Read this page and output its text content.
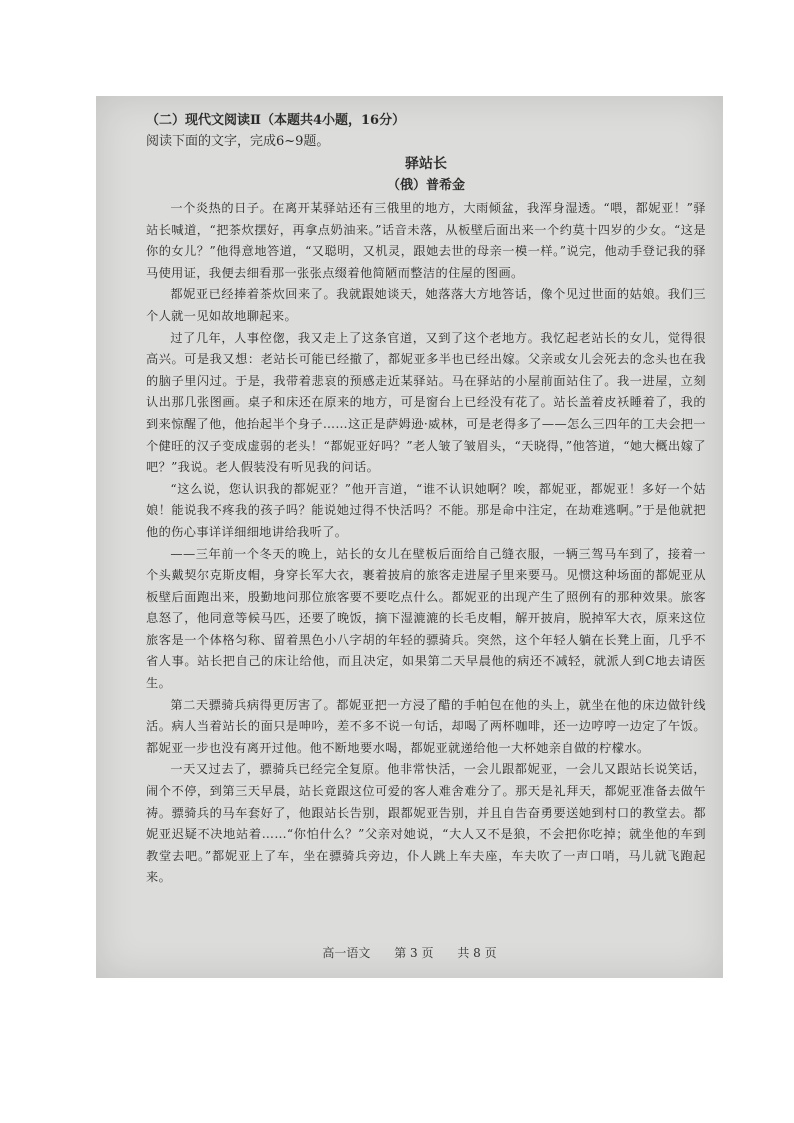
（二）现代文阅读Ⅱ（本题共4小题，16分）

阅读下面的文字，完成6~9题。

驿站长

（俄）普希金

一个炎热的日子。在离开某驿站还有三俄里的地方，大雨倾盆，我浑身湿透。“喂，都妮亚！”驿站长喊道，“把茶炊摆好，再拿点奶油来。”话音未落，从板壁后面出来一个约莫十四岁的少女。“这是你的女儿？”他得意地答道，“又聪明，又机灵，跟她去世的母亲一模一样。”说完，他动手登记我的驿马使用证，我便去细看那一张张点缀着他简陋而整洁的住屋的图画。

都妮亚已经捧着茶炊回来了。我就跟她谈天，她落落大方地答话，像个见过世面的姑娘。我们三个人就一见如故地聊起来。

过了几年，人事倥偬，我又走上了这条官道，又到了这个老地方。我忆起老站长的女儿，觉得很高兴。可是我又想：老站长可能已经撤了，都妮亚多半也已经出嫁。父亲或女儿会死去的念头也在我的脑子里闪过。于是，我带着悲哀的预感走近某驿站。马在驿站的小屋前面站住了。我一进屋，立刻认出那几张图画。桌子和床还在原来的地方，可是窗台上已经没有花了。站长盖着皮袄睡着了，我的到来惊醒了他，他抬起半个身子……这正是萨姆逊·威林，可是老得多了——怎么三四年的工夫会把一个健旺的汉子变成虚弱的老头！“都妮亚好吗？”老人皱了皱眉头，“天晓得，”他答道，“她大概出嫁了吧？”我说。老人假装没有听见我的问话。

“这么说，您认识我的都妮亚？”他开言道，“谁不认识她啊？唉，都妮亚，都妮亚！多好一个姑娘！能说我不疼我的孩子吗？能说她过得不快活吗？不能。那是命中注定，在劫难逃啊。”于是他就把他的伤心事详详细细地讲给我听了。

——三年前一个冬天的晚上，站长的女儿在壁板后面给自己缝衣服，一辆三驾马车到了，接着一个头戴契尔克斯皮帽，身穿长军大衣，裹着披肩的旅客走进屋子里来要马。见惯这种场面的都妮亚从板壁后面跑出来，殷勤地问那位旅客要不要吃点什么。都妮亚的出现产生了照例有的那种效果。旅客息怒了，他同意等候马匹，还要了晚饭，摘下湿漉漉的长毛皮帽，解开披肩，脱掉军大衣，原来这位旅客是一个体格匀称、留着黑色小八字胡的年轻的骠骑兵。突然，这个年轻人躺在长凳上面，几乎不省人事。站长把自己的床让给他，而且决定，如果第二天早晨他的病还不减轻，就派人到C地去请医生。

第二天骠骑兵病得更厉害了。都妮亚把一方浸了醋的手帕包在他的头上，就坐在他的床边做针线活。病人当着站长的面只是呻吟，差不多不说一句话，却喝了两杯咖啡，还一边哼哼一边定了午饭。都妮亚一步也没有离开过他。他不断地要水喝，都妮亚就递给他一大杯她亲自做的柠檬水。

一天又过去了，骠骑兵已经完全复原。他非常快活，一会儿跟都妮亚，一会儿又跟站长说笑话，闹个不停，到第三天早晨，站长竟跟这位可爱的客人难舍难分了。那天是礼拜天，都妮亚准备去做午祷。骠骑兵的马车套好了，他跟站长告别，跟都妮亚告别，并且自告奋勇要送她到村口的教堂去。都妮亚迟疑不决地站着……“你怕什么？”父亲对她说，“大人又不是狼，不会把你吃掉；就坐他的车到教堂去吧。”都妮亚上了车，坐在骠骑兵旁边，仆人跳上车夫座，车夫吹了一声口哨，马儿就飞跑起来。

高一语文 第 3 页 共 8 页
